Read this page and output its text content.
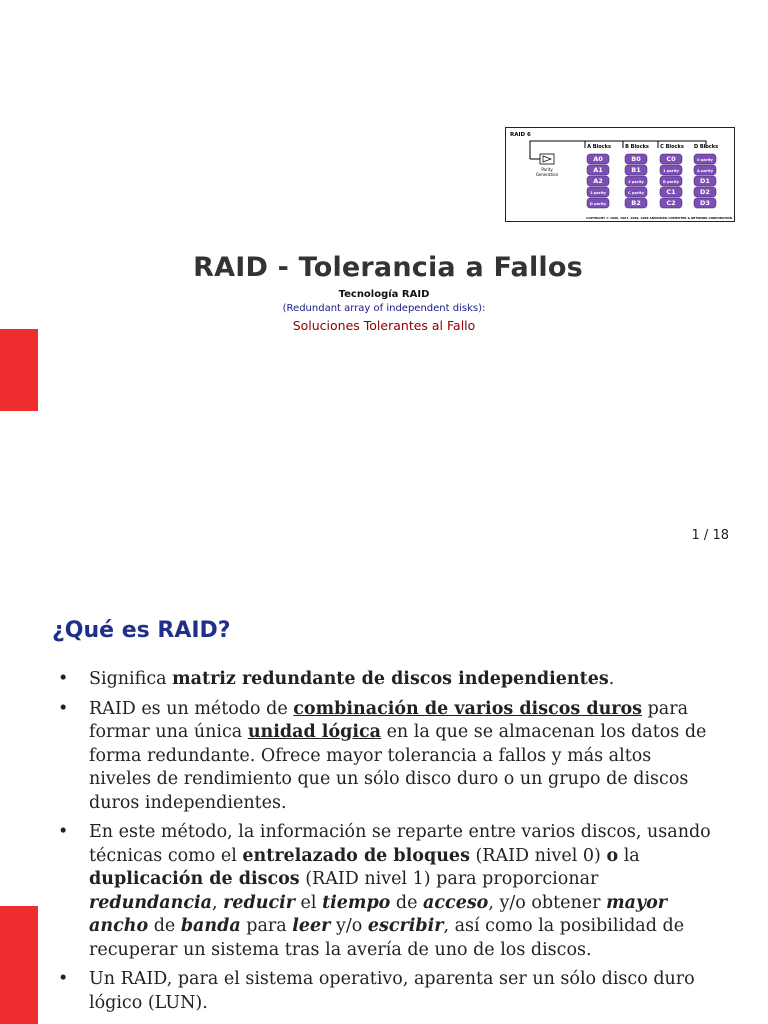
RAID 6
Parity
Generation
A Blocks
A0
A1
A2
3 parity
D parity
B Blocks
B0
B1
2 parity
C parity
B2
C Blocks
C0
1 parity
B parity
C1
C2
D Blocks
0 parity
A parity
D1
D2
D3
COPYRIGHT © 1996, 1997, 1998, 1999 ADVANCED COMPUTER & NETWORK CORPORATION
RAID - Tolerancia a Fallos
Tecnología RAID
(Redundant array of independent disks):
Soluciones Tolerantes al Fallo
1 / 18
¿Qué es RAID?
• Significa matriz redundante de discos independientes.
• RAID es un método de combinación de varios discos duros para formar una única unidad lógica en la que se almacenan los datos de forma redundante. Ofrece mayor tolerancia a fallos y más altos niveles de rendimiento que un sólo disco duro o un grupo de discos duros independientes.
• En este método, la información se reparte entre varios discos, usando técnicas como el entrelazado de bloques (RAID nivel 0) o la duplicación de discos (RAID nivel 1) para proporcionar redundancia, reducir el tiempo de acceso, y/o obtener mayor ancho de banda para leer y/o escribir, así como la posibilidad de recuperar un sistema tras la avería de uno de los discos.
• Un RAID, para el sistema operativo, aparenta ser un sólo disco duro lógico (LUN).
